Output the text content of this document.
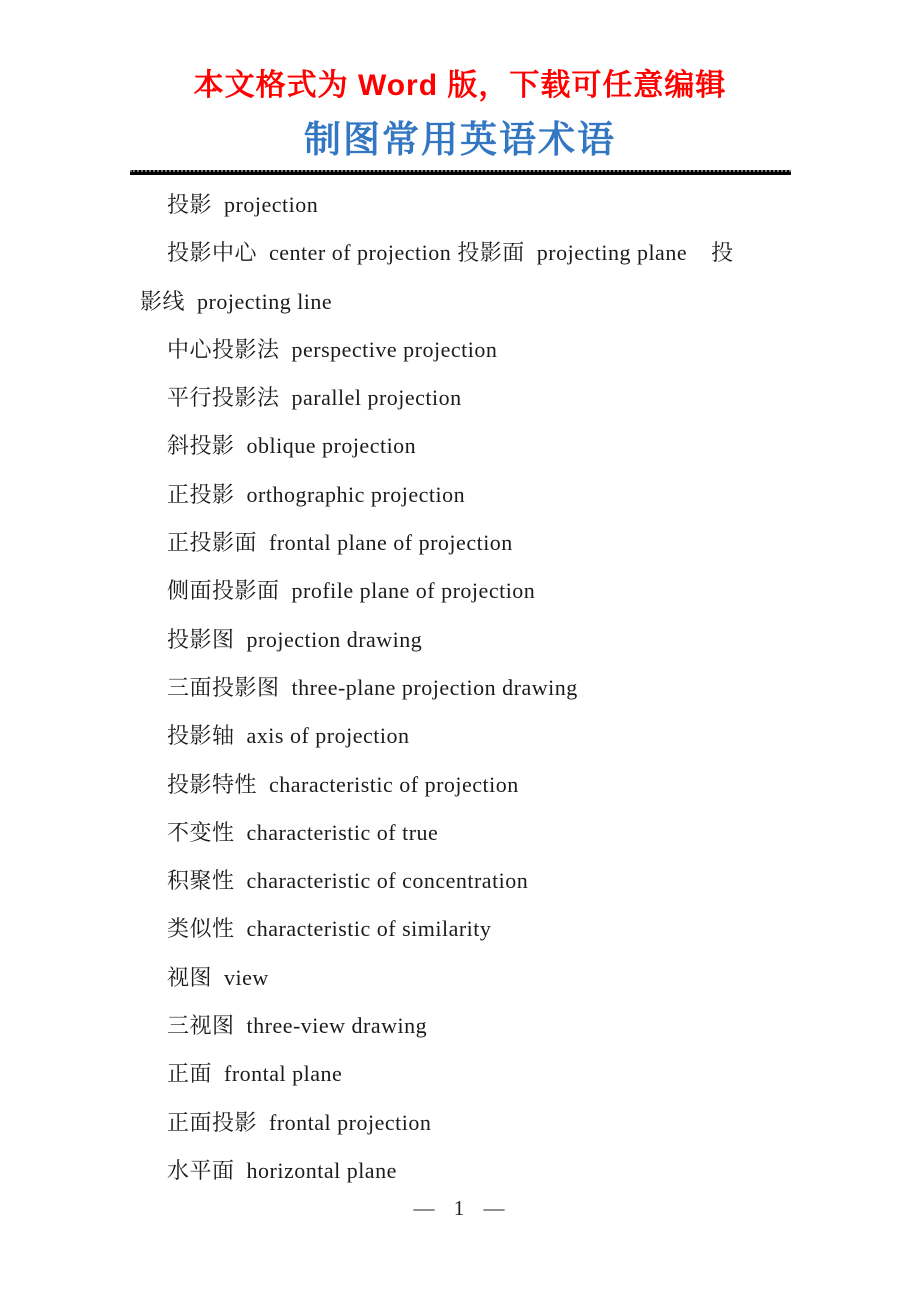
本文格式为 Word 版，下载可任意编辑
制图常用英语术语
投影  projection
投影中心  center of projection 投影面  projecting plane    投
影线  projecting line
中心投影法  perspective projection
平行投影法  parallel projection
斜投影  oblique projection
正投影  orthographic projection
正投影面  frontal plane of projection
侧面投影面  profile plane of projection
投影图  projection drawing
三面投影图  three-plane projection drawing
投影轴  axis of projection
投影特性  characteristic of projection
不变性  characteristic of true
积聚性  characteristic of concentration
类似性  characteristic of similarity
视图  view
三视图  three-view drawing
正面  frontal plane
正面投影  frontal projection
水平面  horizontal plane
— 1 —
